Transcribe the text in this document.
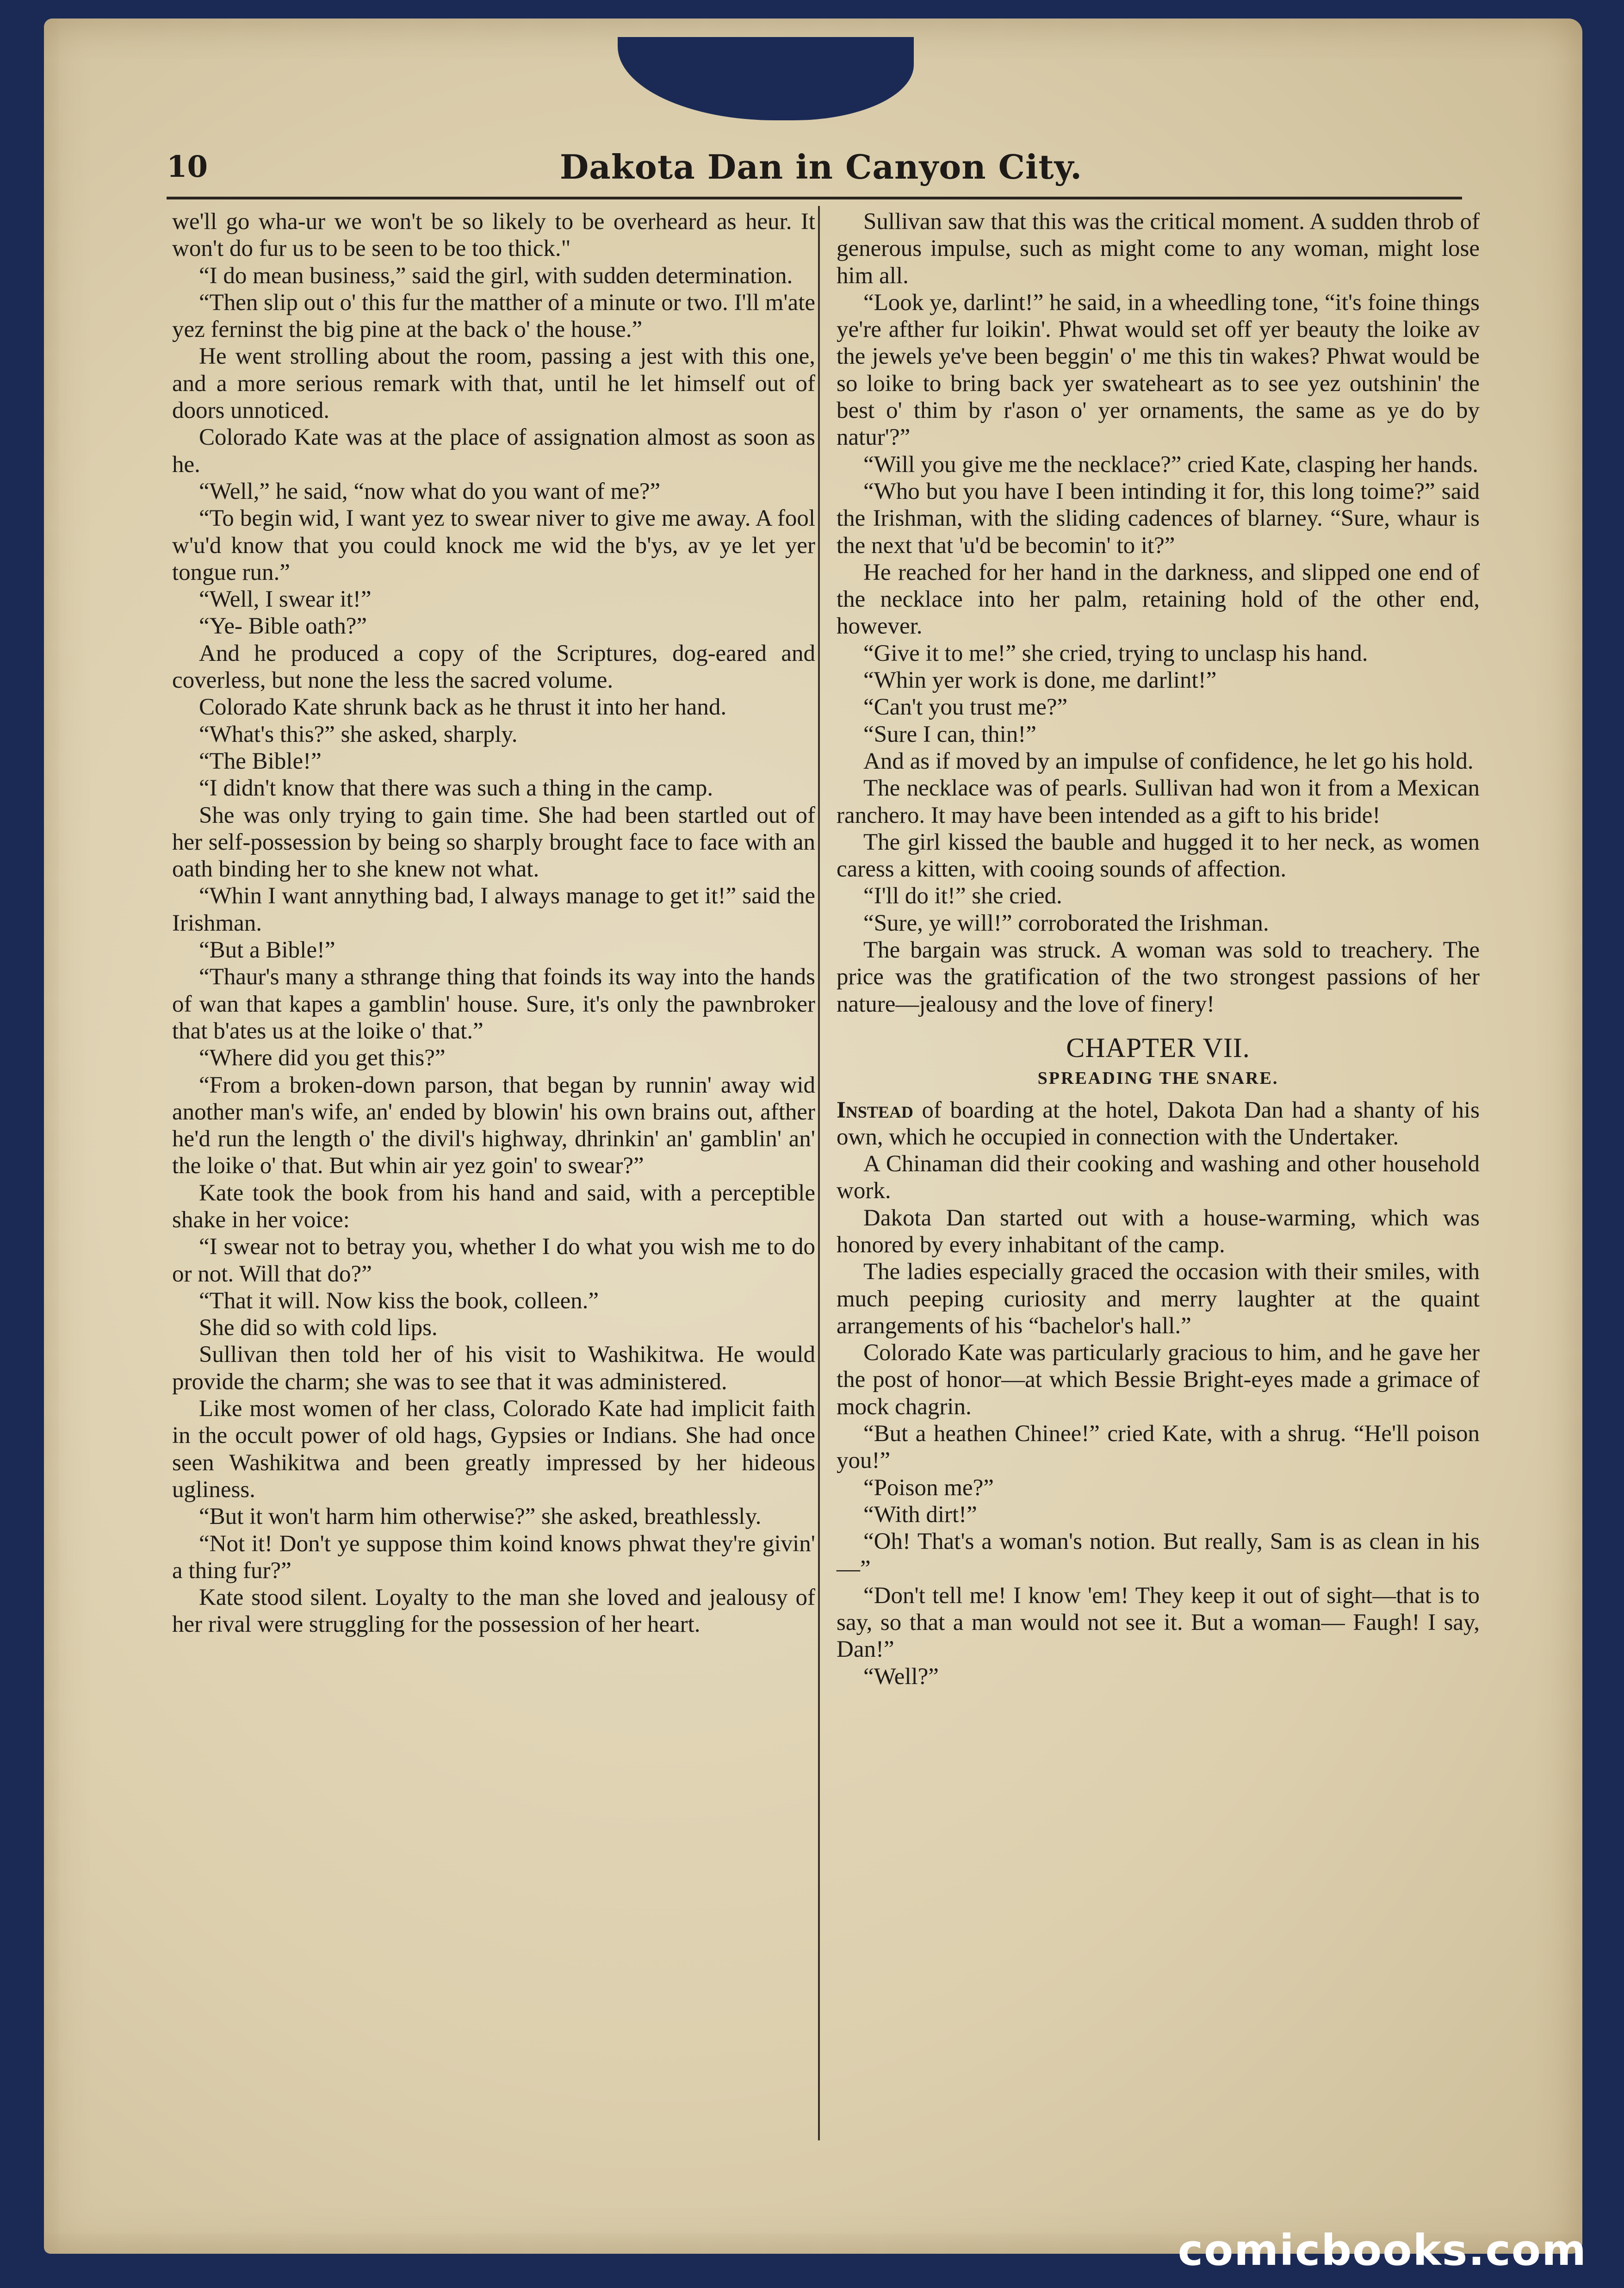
10	Dakota Dan in Canyon City.

we'll go wha-ur we won't be so likely to be overheard as heur. It won't do fur us to be seen to be too thick."

“I do mean business,” said the girl, with sudden determination.

“Then slip out o' this fur the matther of a minute or two. I'll m'ate yez ferninst the big pine at the back o' the house.”

He went strolling about the room, passing a jest with this one, and a more serious remark with that, until he let himself out of doors unnoticed.

Colorado Kate was at the place of assignation almost as soon as he.

“Well,” he said, “now what do you want of me?”

“To begin wid, I want yez to swear niver to give me away. A fool w'u'd know that you could knock me wid the b'ys, av ye let yer tongue run.”

“Well, I swear it!”

“Ye- Bible oath?”

And he produced a copy of the Scriptures, dog-eared and coverless, but none the less the sacred volume.

Colorado Kate shrunk back as he thrust it into her hand.

“What's this?” she asked, sharply.

“The Bible!”

“I didn't know that there was such a thing in the camp.

She was only trying to gain time. She had been startled out of her self-possession by being so sharply brought face to face with an oath binding her to she knew not what.

“Whin I want annything bad, I always manage to get it!” said the Irishman.

“But a Bible!”

“Thaur's many a sthrange thing that foinds its way into the hands of wan that kapes a gamblin' house. Sure, it's only the pawnbroker that b'ates us at the loike o' that.”

“Where did you get this?”

“From a broken-down parson, that began by runnin' away wid another man's wife, an' ended by blowin' his own brains out, afther he'd run the length o' the divil's highway, dhrinkin' an' gamblin' an' the loike o' that. But whin air yez goin' to swear?”

Kate took the book from his hand and said, with a perceptible shake in her voice:

“I swear not to betray you, whether I do what you wish me to do or not. Will that do?”

“That it will. Now kiss the book, colleen.”

She did so with cold lips.

Sullivan then told her of his visit to Washikitwa. He would provide the charm; she was to see that it was administered.

Like most women of her class, Colorado Kate had implicit faith in the occult power of old hags, Gypsies or Indians. She had once seen Washikitwa and been greatly impressed by her hideous ugliness.

“But it won't harm him otherwise?” she asked, breathlessly.

“Not it! Don't ye suppose thim koind knows phwat they're givin' a thing fur?”

Kate stood silent. Loyalty to the man she loved and jealousy of her rival were struggling for the possession of her heart.

Sullivan saw that this was the critical moment. A sudden throb of generous impulse, such as might come to any woman, might lose him all.

“Look ye, darlint!” he said, in a wheedling tone, “it's foine things ye're afther fur loikin'. Phwat would set off yer beauty the loike av the jewels ye've been beggin' o' me this tin wakes? Phwat would be so loike to bring back yer swateheart as to see yez outshinin' the best o' thim by r'ason o' yer ornaments, the same as ye do by natur'?”

“Will you give me the necklace?” cried Kate, clasping her hands.

“Who but you have I been intinding it for, this long toime?” said the Irishman, with the sliding cadences of blarney. “Sure, whaur is the next that 'u'd be becomin' to it?”

He reached for her hand in the darkness, and slipped one end of the necklace into her palm, retaining hold of the other end, however.

“Give it to me!” she cried, trying to unclasp his hand.

“Whin yer work is done, me darlint!”

“Can't you trust me?”

“Sure I can, thin!”

And as if moved by an impulse of confidence, he let go his hold.

The necklace was of pearls. Sullivan had won it from a Mexican ranchero. It may have been intended as a gift to his bride!

The girl kissed the bauble and hugged it to her neck, as women caress a kitten, with cooing sounds of affection.

“I'll do it!” she cried.

“Sure, ye will!” corroborated the Irishman.

The bargain was struck. A woman was sold to treachery. The price was the gratification of the two strongest passions of her nature—jealousy and the love of finery!

CHAPTER VII.
SPREADING THE SNARE.

Instead of boarding at the hotel, Dakota Dan had a shanty of his own, which he occupied in connection with the Undertaker.

A Chinaman did their cooking and washing and other household work.

Dakota Dan started out with a house-warming, which was honored by every inhabitant of the camp.

The ladies especially graced the occasion with their smiles, with much peeping curiosity and merry laughter at the quaint arrangements of his “bachelor's hall.”

Colorado Kate was particularly gracious to him, and he gave her the post of honor—at which Bessie Bright-eyes made a grimace of mock chagrin.

“But a heathen Chinee!” cried Kate, with a shrug. “He'll poison you!”

“Poison me?”

“With dirt!”

“Oh! That's a woman's notion. But really, Sam is as clean in his—”

“Don't tell me! I know 'em! They keep it out of sight—that is to say, so that a man would not see it. But a woman— Faugh! I say, Dan!”

“Well?”

comicbooks.com
